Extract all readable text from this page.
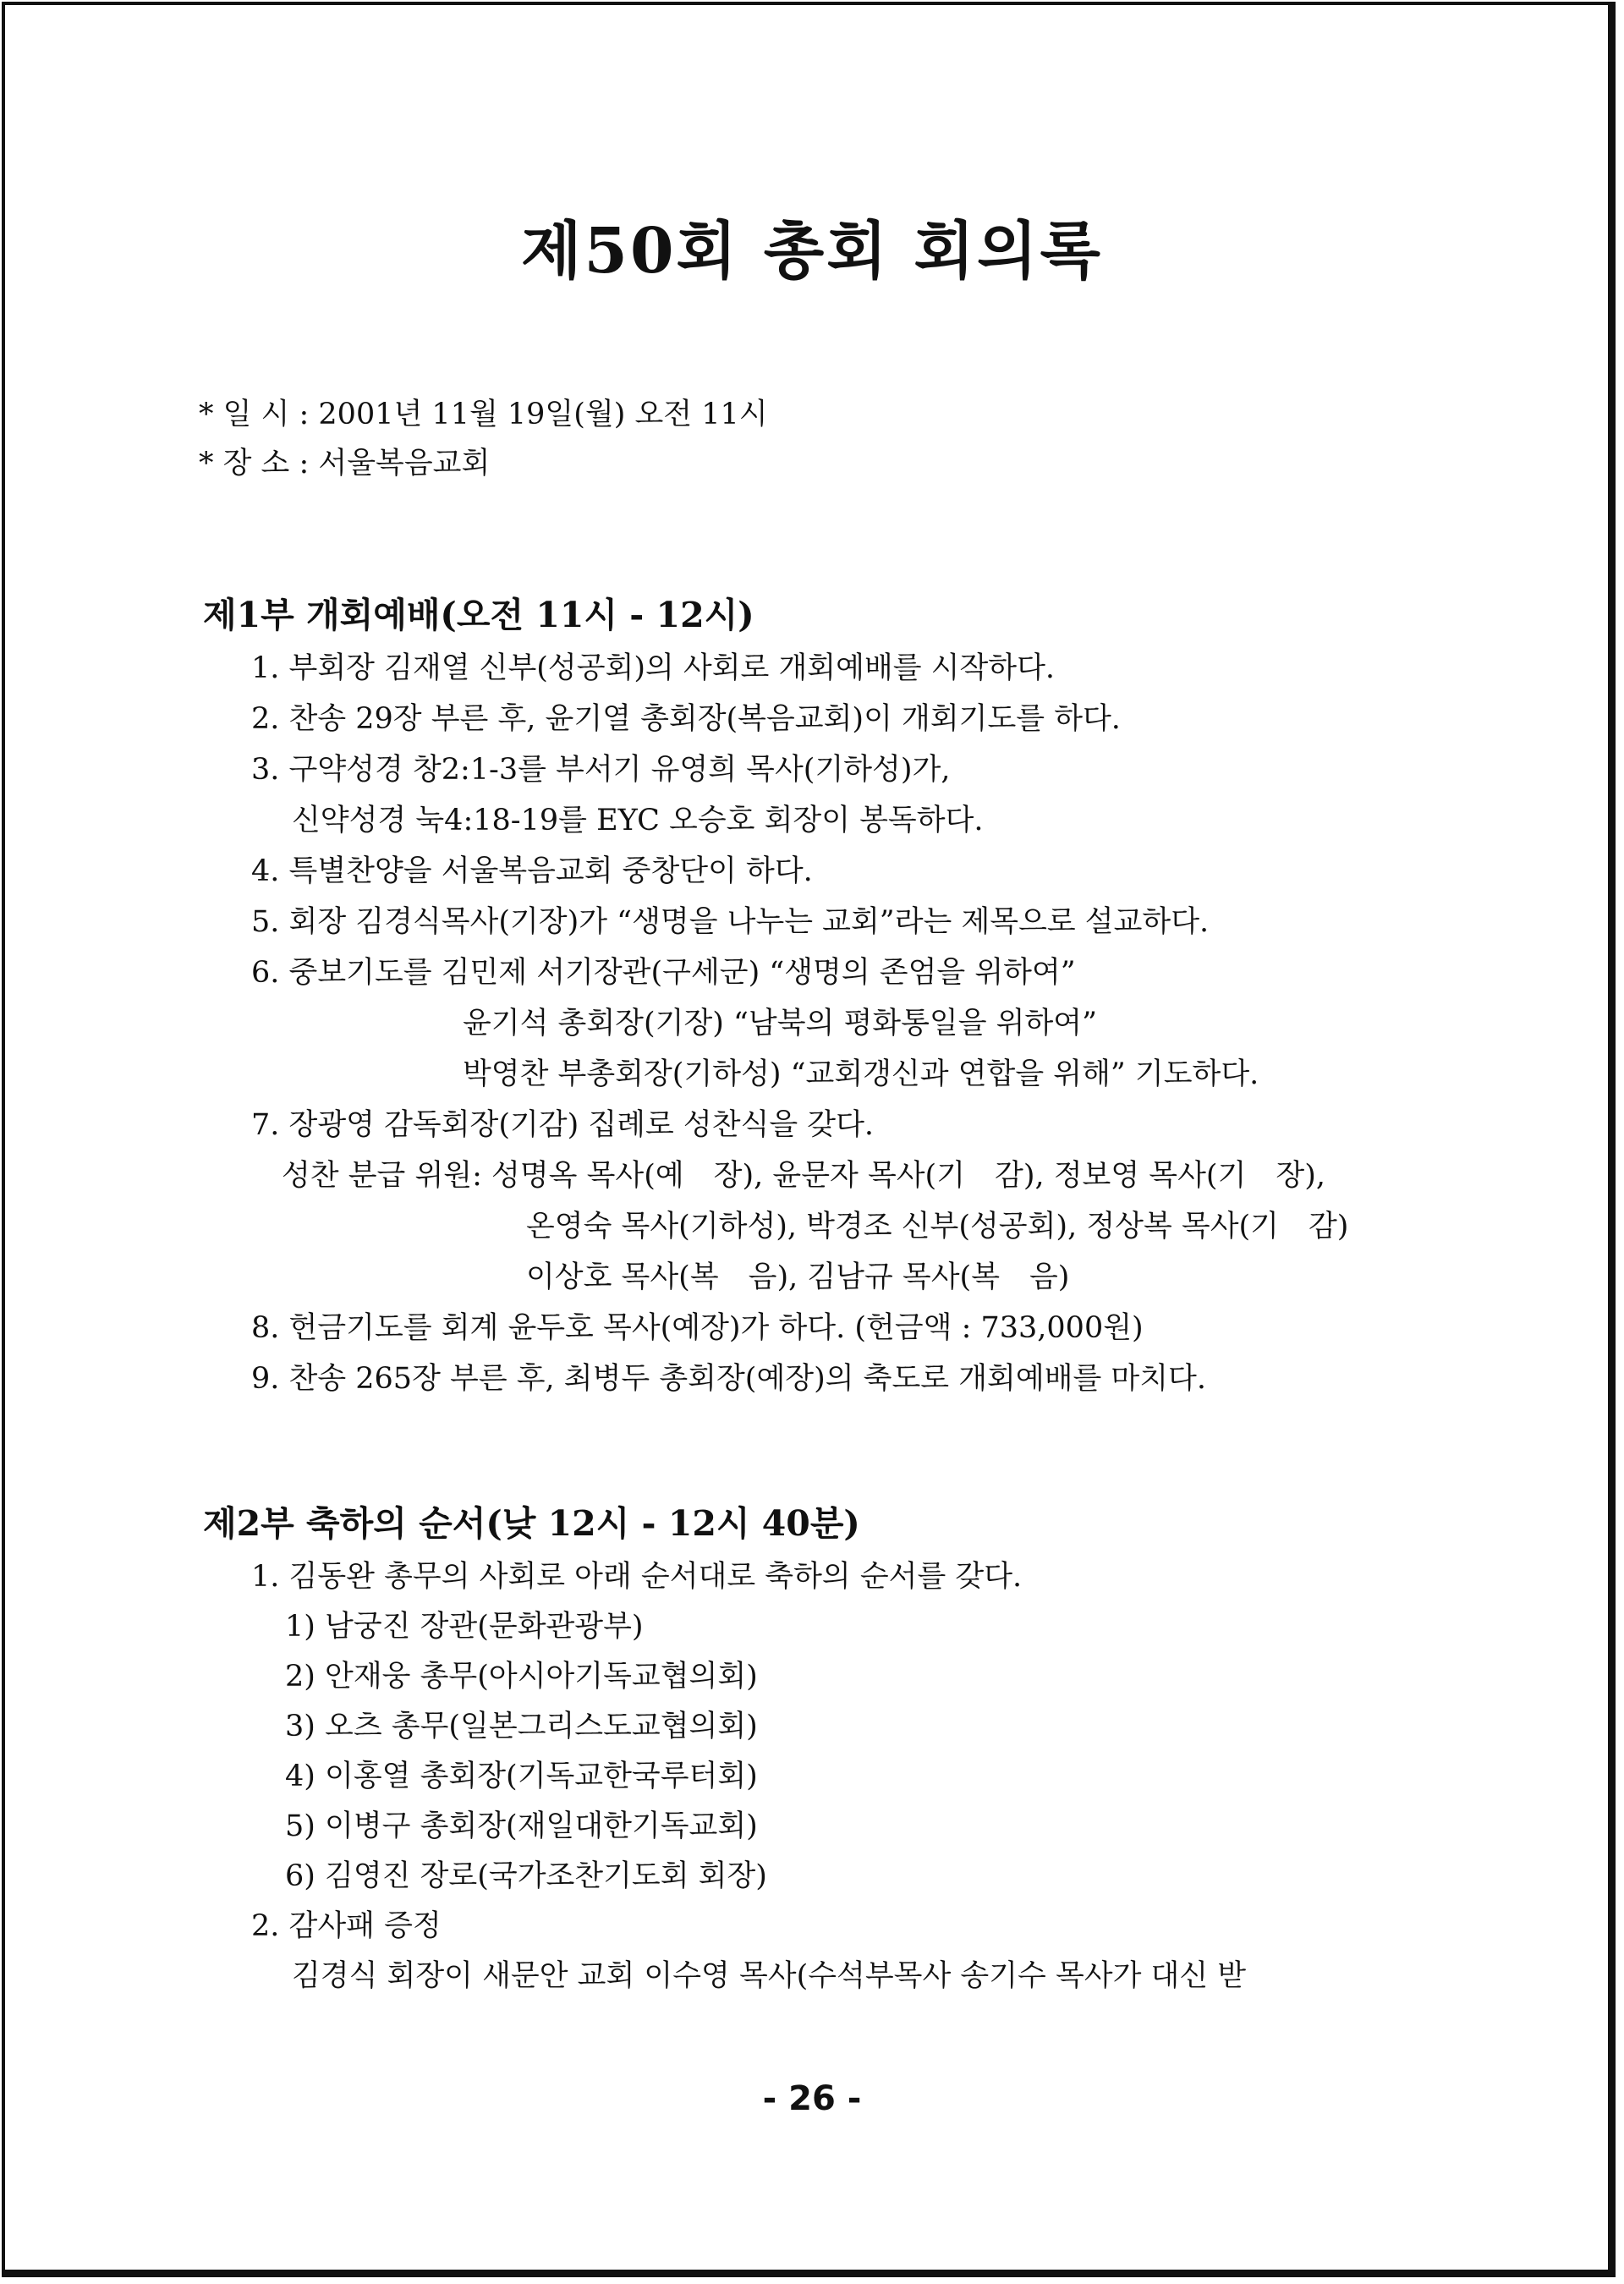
제50회 총회 회의록
* 일 시 : 2001년 11월 19일(월) 오전 11시
* 장 소 : 서울복음교회
제1부 개회예배(오전 11시 - 12시)
1. 부회장 김재열 신부(성공회)의 사회로 개회예배를 시작하다.
2. 찬송 29장 부른 후, 윤기열 총회장(복음교회)이 개회기도를 하다.
3. 구약성경 창2:1-3를 부서기 유영희 목사(기하성)가,
신약성경 눅4:18-19를 EYC 오승호 회장이 봉독하다.
4. 특별찬양을 서울복음교회 중창단이 하다.
5. 회장 김경식목사(기장)가 “생명을 나누는 교회”라는 제목으로 설교하다.
6. 중보기도를 김민제 서기장관(구세군) “생명의 존엄을 위하여”
윤기석 총회장(기장) “남북의 평화통일을 위하여”
박영찬 부총회장(기하성) “교회갱신과 연합을 위해” 기도하다.
7. 장광영 감독회장(기감) 집례로 성찬식을 갖다.
성찬 분급 위원: 성명옥 목사(예　장), 윤문자 목사(기　감), 정보영 목사(기　장),
온영숙 목사(기하성), 박경조 신부(성공회), 정상복 목사(기　감)
이상호 목사(복　음), 김남규 목사(복　음)
8. 헌금기도를 회계 윤두호 목사(예장)가 하다. (헌금액 : 733,000원)
9. 찬송 265장 부른 후, 최병두 총회장(예장)의 축도로 개회예배를 마치다.
제2부 축하의 순서(낮 12시 - 12시 40분)
1. 김동완 총무의 사회로 아래 순서대로 축하의 순서를 갖다.
1) 남궁진 장관(문화관광부)
2) 안재웅 총무(아시아기독교협의회)
3) 오츠 총무(일본그리스도교협의회)
4) 이홍열 총회장(기독교한국루터회)
5) 이병구 총회장(재일대한기독교회)
6) 김영진 장로(국가조찬기도회 회장)
2. 감사패 증정
김경식 회장이 새문안 교회 이수영 목사(수석부목사 송기수 목사가 대신 받
- 26 -
